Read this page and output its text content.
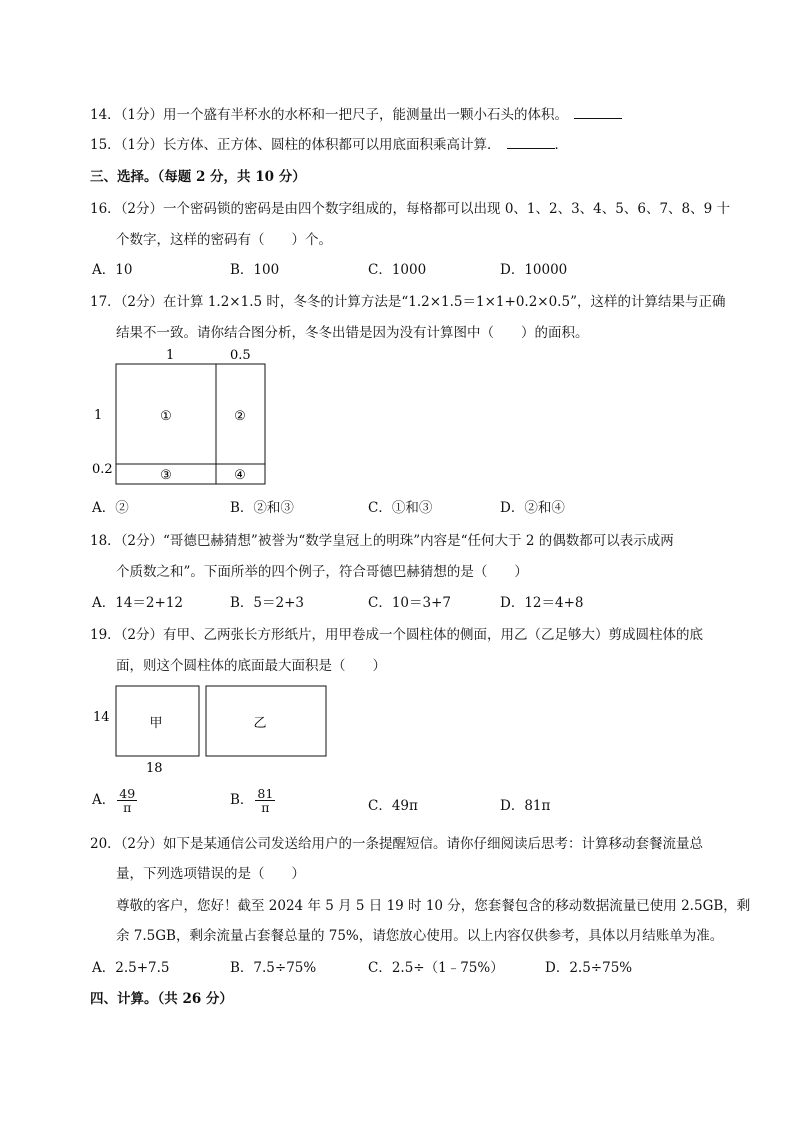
14．（1分）用一个盛有半杯水的水杯和一把尺子，能测量出一颗小石头的体积。
15．（1分）长方体、正方体、圆柱的体积都可以用底面积乘高计算．	．
三、选择。（每题 2 分，共 10 分）
16．（2分）一个密码锁的密码是由四个数字组成的，每格都可以出现 0、1、2、3、4、5、6、7、8、9 十
个数字，这样的密码有（　　）个。
A．10	B．100	C．1000	D．10000
17．（2分）在计算 1.2×1.5 时，冬冬的计算方法是“1.2×1.5＝1×1+0.2×0.5”，这样的计算结果与正确
结果不一致。请你结合图分析，冬冬出错是因为没有计算图中（　　）的面积。
1	0.5
1
0.2
①	②
③	④
A．②	B．②和③	C．①和③	D．②和④
18．（2分）“哥德巴赫猜想”被誉为“数学皇冠上的明珠”内容是“任何大于 2 的偶数都可以表示成两
个质数之和”。下面所举的四个例子，符合哥德巴赫猜想的是（　　）
A．14＝2+12	B．5＝2+3	C．10＝3+7	D．12＝4+8
19．（2分）有甲、乙两张长方形纸片，用甲卷成一个圆柱体的侧面，用乙（乙足够大）剪成圆柱体的底
面，则这个圆柱体的底面最大面积是（　　）
甲	乙
14
18
A． $\frac{49}{\pi}$	B． $\frac{81}{\pi}$	C．49π	D．81π
20．（2分）如下是某通信公司发送给用户的一条提醒短信。请你仔细阅读后思考：计算移动套餐流量总
量，下列选项错误的是（　　）
尊敬的客户，您好！截至 2024 年 5 月 5 日 19 时 10 分，您套餐包含的移动数据流量已使用 2.5GB，剩
余 7.5GB，剩余流量占套餐总量的 75%，请您放心使用。以上内容仅供参考，具体以月结账单为准。
A．2.5+7.5	B．7.5÷75%	C．2.5÷（1﹣75%）	D．2.5÷75%
四、计算。（共 26 分）
